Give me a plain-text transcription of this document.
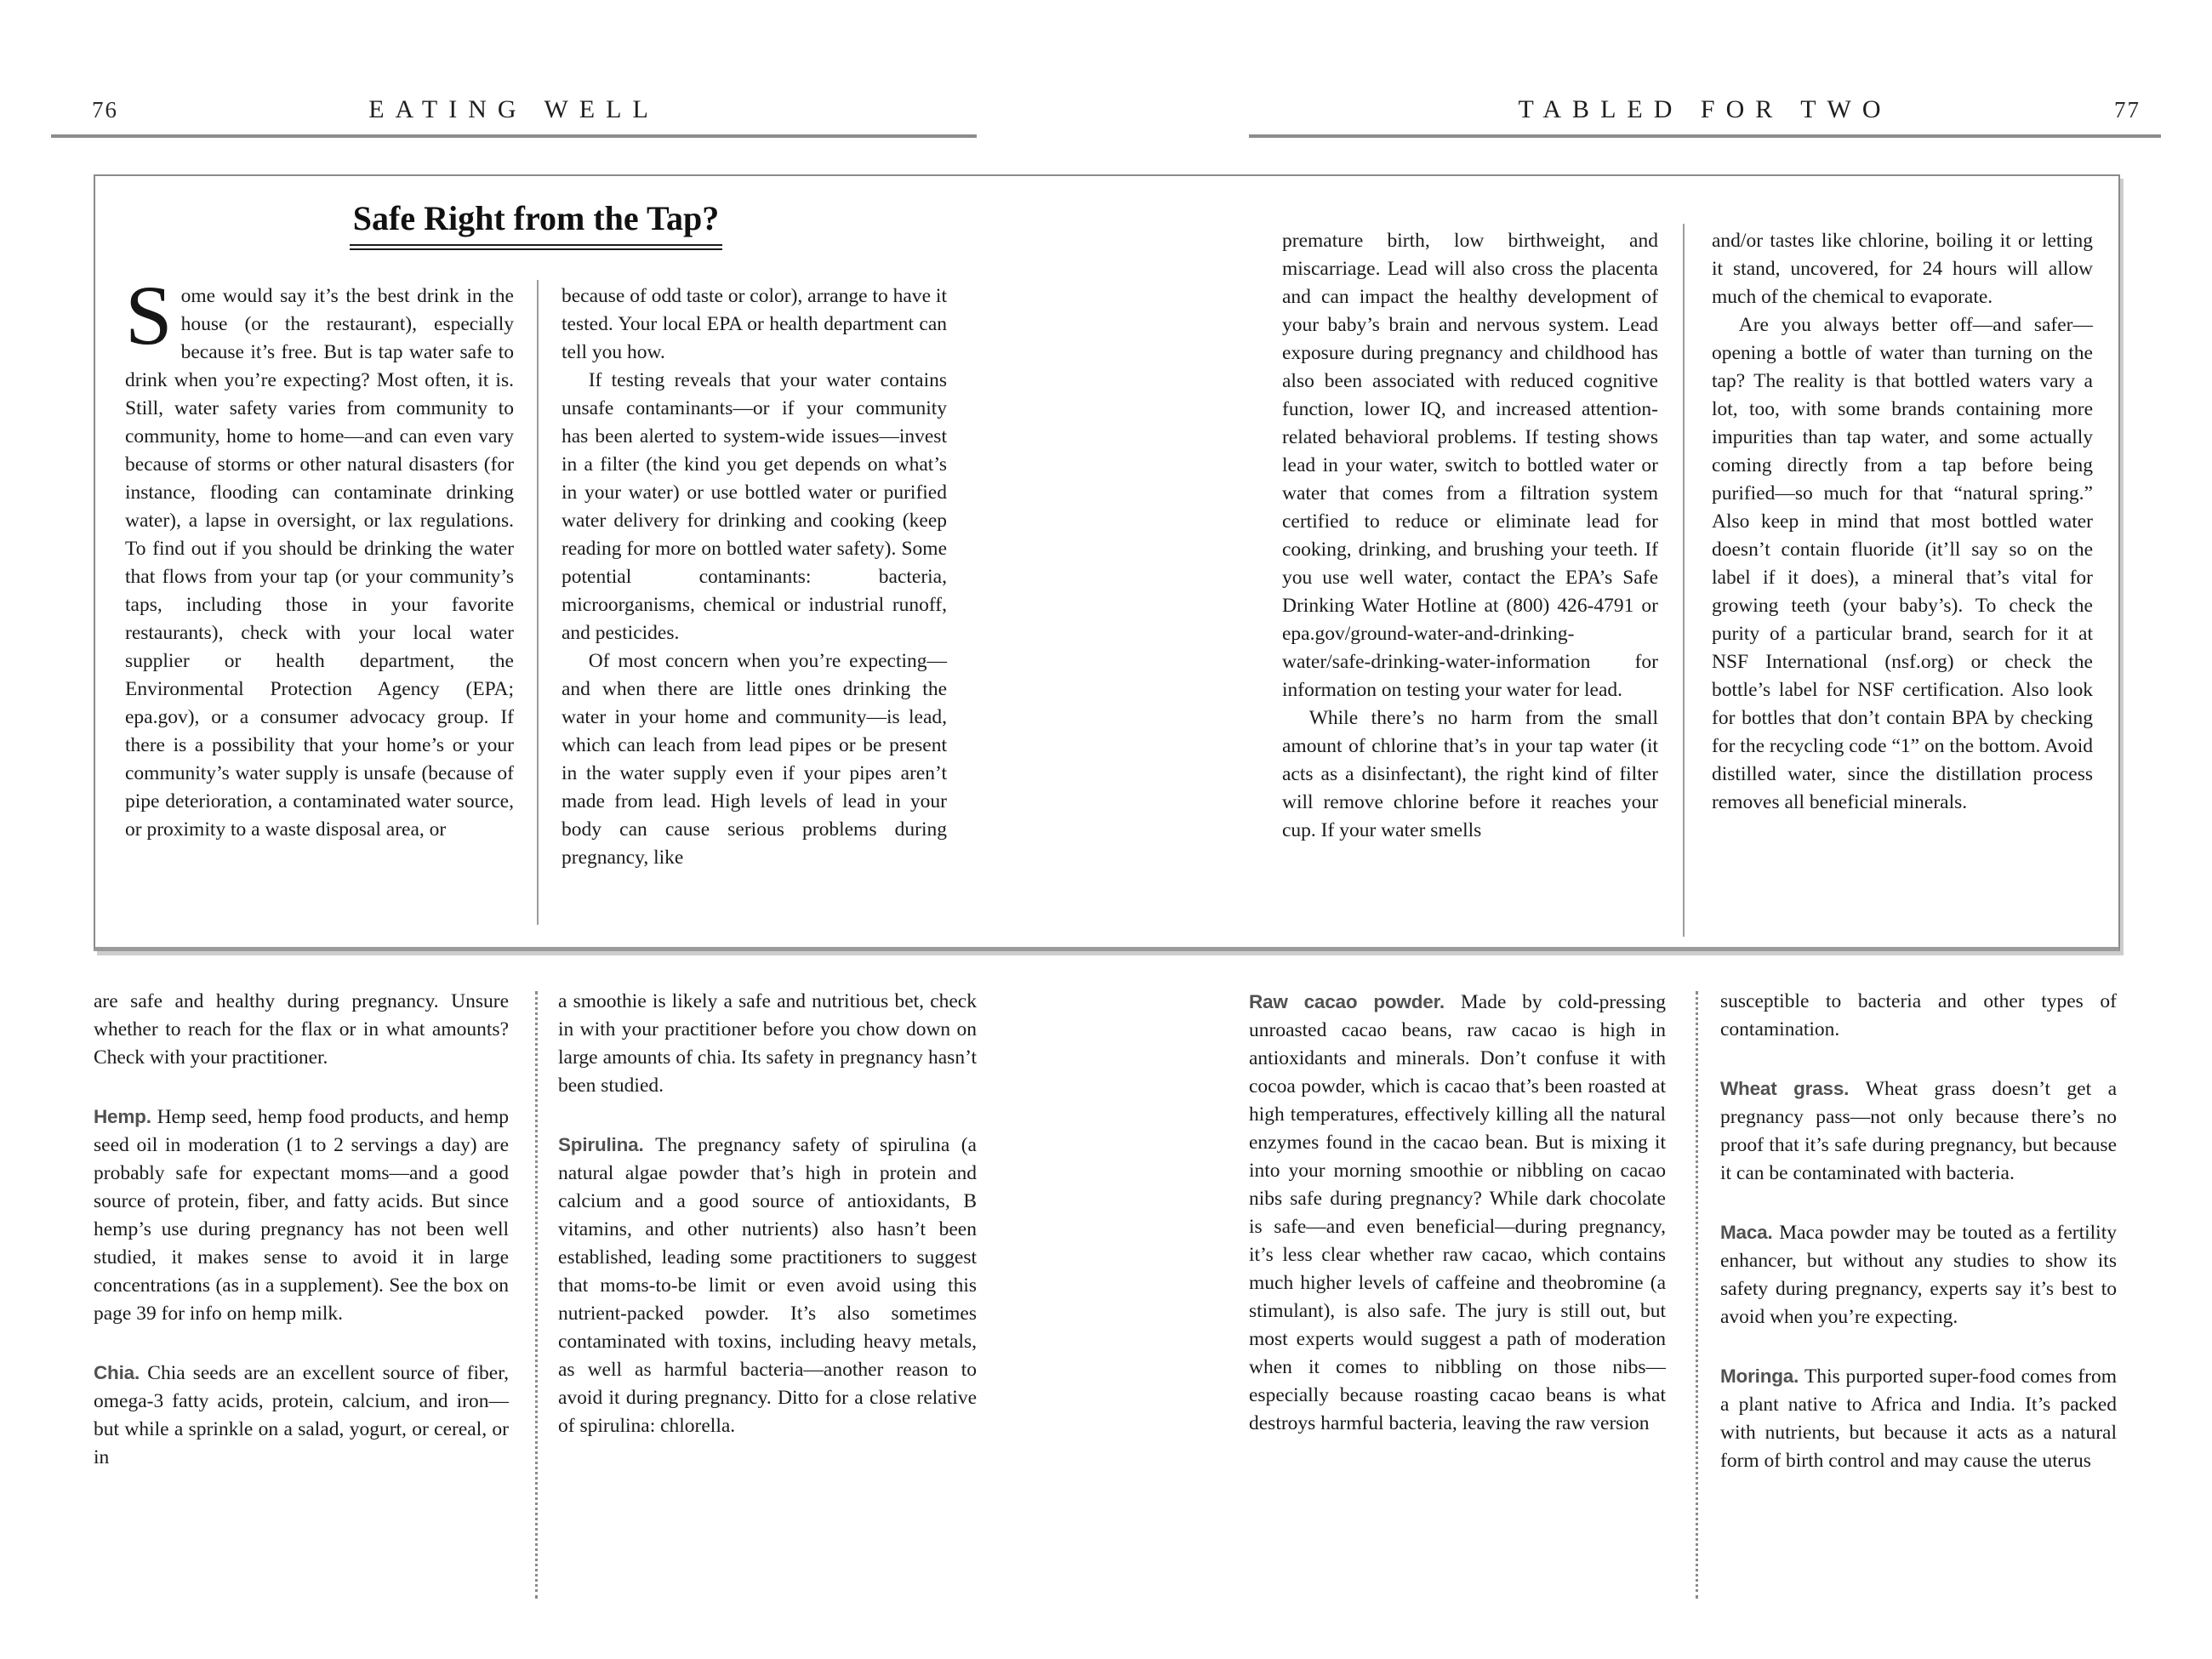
76	EATING WELL	TABLED FOR TWO	77
Safe Right from the Tap?

Some would say it’s the best drink in the house (or the restaurant), especially because it’s free. But is tap water safe to drink when you’re expecting? Most often, it is. Still, water safety varies from community to community, home to home—and can even vary because of storms or other natural disasters (for instance, flooding can contaminate drinking water), a lapse in oversight, or lax regulations. To find out if you should be drinking the water that flows from your tap (or your community’s taps, including those in your favorite restaurants), check with your local water supplier or health department, the Environmental Protection Agency (EPA; epa.gov), or a consumer advocacy group. If there is a possibility that your home’s or your community’s water supply is unsafe (because of pipe deterioration, a contaminated water source, or proximity to a waste disposal area, or

because of odd taste or color), arrange to have it tested. Your local EPA or health department can tell you how.

If testing reveals that your water contains unsafe contaminants—or if your community has been alerted to system-wide issues—invest in a filter (the kind you get depends on what’s in your water) or use bottled water or purified water delivery for drinking and cooking (keep reading for more on bottled water safety). Some potential contaminants: bacteria, microorganisms, chemical or industrial runoff, and pesticides.

Of most concern when you’re expecting—and when there are little ones drinking the water in your home and community—is lead, which can leach from lead pipes or be present in the water supply even if your pipes aren’t made from lead. High levels of lead in your body can cause serious problems during pregnancy, like

premature birth, low birthweight, and miscarriage. Lead will also cross the placenta and can impact the healthy development of your baby’s brain and nervous system. Lead exposure during pregnancy and childhood has also been associated with reduced cognitive function, lower IQ, and increased attention-related behavioral problems. If testing shows lead in your water, switch to bottled water or water that comes from a filtration system certified to reduce or eliminate lead for cooking, drinking, and brushing your teeth. If you use well water, contact the EPA’s Safe Drinking Water Hotline at (800) 426-4791 or epa.gov/ground-water-and-drinking-water/safe-drinking-water-information for information on testing your water for lead.

While there’s no harm from the small amount of chlorine that’s in your tap water (it acts as a disinfectant), the right kind of filter will remove chlorine before it reaches your cup. If your water smells

and/or tastes like chlorine, boiling it or letting it stand, uncovered, for 24 hours will allow much of the chemical to evaporate.

Are you always better off—and safer—opening a bottle of water than turning on the tap? The reality is that bottled waters vary a lot, too, with some brands containing more impurities than tap water, and some actually coming directly from a tap before being purified—so much for that “natural spring.” Also keep in mind that most bottled water doesn’t contain fluoride (it’ll say so on the label if it does), a mineral that’s vital for growing teeth (your baby’s). To check the purity of a particular brand, search for it at NSF International (nsf.org) or check the bottle’s label for NSF certification. Also look for bottles that don’t contain BPA by checking for the recycling code “1” on the bottom. Avoid distilled water, since the distillation process removes all beneficial minerals.

are safe and healthy during pregnancy. Unsure whether to reach for the flax or in what amounts? Check with your practitioner.

Hemp. Hemp seed, hemp food products, and hemp seed oil in moderation (1 to 2 servings a day) are probably safe for expectant moms—and a good source of protein, fiber, and fatty acids. But since hemp’s use during pregnancy has not been well studied, it makes sense to avoid it in large concentrations (as in a supplement). See the box on page 39 for info on hemp milk.

Chia. Chia seeds are an excellent source of fiber, omega-3 fatty acids, protein, calcium, and iron—but while a sprinkle on a salad, yogurt, or cereal, or in

a smoothie is likely a safe and nutritious bet, check in with your practitioner before you chow down on large amounts of chia. Its safety in pregnancy hasn’t been studied.

Spirulina. The pregnancy safety of spirulina (a natural algae powder that’s high in protein and calcium and a good source of antioxidants, B vitamins, and other nutrients) also hasn’t been established, leading some practitioners to suggest that moms-to-be limit or even avoid using this nutrient-packed powder. It’s also sometimes contaminated with toxins, including heavy metals, as well as harmful bacteria—another reason to avoid it during pregnancy. Ditto for a close relative of spirulina: chlorella.

Raw cacao powder. Made by cold-pressing unroasted cacao beans, raw cacao is high in antioxidants and minerals. Don’t confuse it with cocoa powder, which is cacao that’s been roasted at high temperatures, effectively killing all the natural enzymes found in the cacao bean. But is mixing it into your morning smoothie or nibbling on cacao nibs safe during pregnancy? While dark chocolate is safe—and even beneficial—during pregnancy, it’s less clear whether raw cacao, which contains much higher levels of caffeine and theobromine (a stimulant), is also safe. The jury is still out, but most experts would suggest a path of moderation when it comes to nibbling on those nibs—especially because roasting cacao beans is what destroys harmful bacteria, leaving the raw version

susceptible to bacteria and other types of contamination.

Wheat grass. Wheat grass doesn’t get a pregnancy pass—not only because there’s no proof that it’s safe during pregnancy, but because it can be contaminated with bacteria.

Maca. Maca powder may be touted as a fertility enhancer, but without any studies to show its safety during pregnancy, experts say it’s best to avoid when you’re expecting.

Moringa. This purported super-food comes from a plant native to Africa and India. It’s packed with nutrients, but because it acts as a natural form of birth control and may cause the uterus
